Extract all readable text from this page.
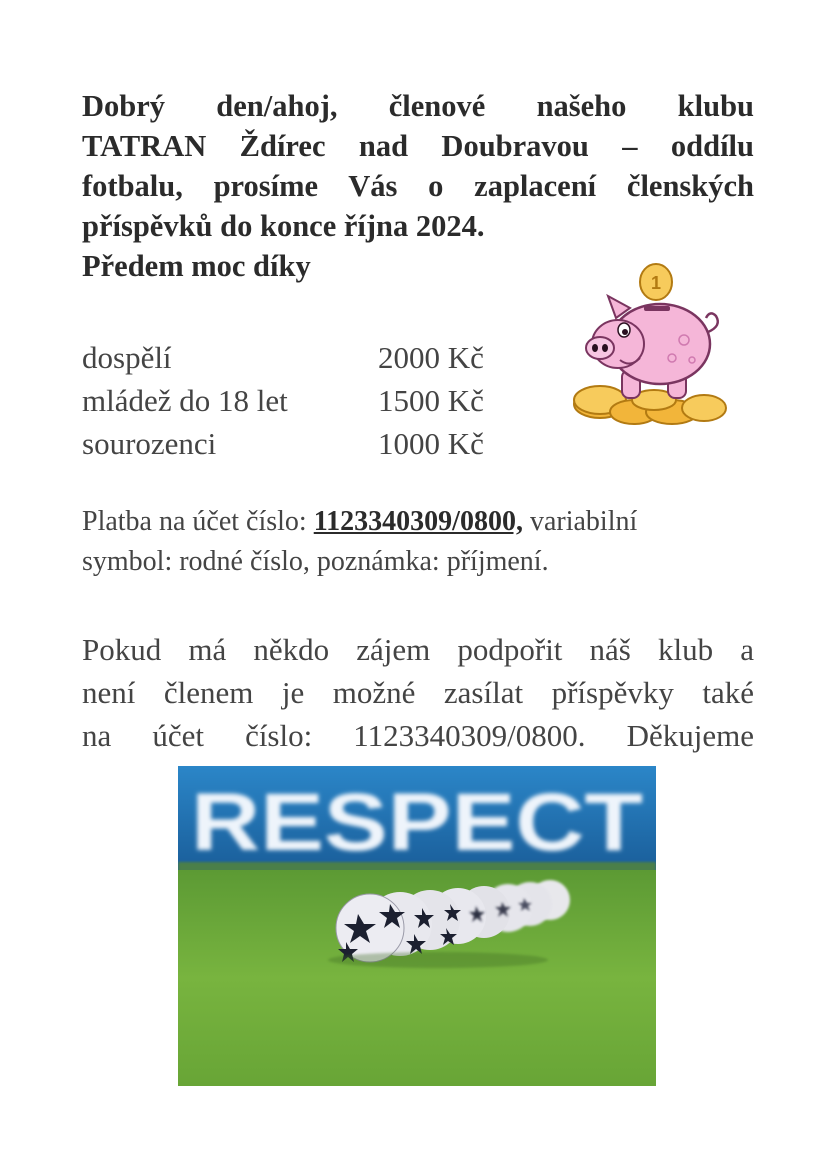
Dobrý den/ahoj, členové našeho klubu
TATRAN Ždírec nad Doubravou – oddílu
fotbalu, prosíme Vás o zaplacení členských
příspěvků do konce října 2024.
Předem moc díky
dospělí	2000 Kč
mládež do 18 let	1500 Kč
sourozenci	1000 Kč
1
Platba na účet číslo: 1123340309/0800, variabilní
symbol: rodné číslo, poznámka: příjmení.
Pokud má někdo zájem podpořit náš klub a
není členem je možné zasílat příspěvky také
na účet číslo: 1123340309/0800. Děkujeme
RESPECT
